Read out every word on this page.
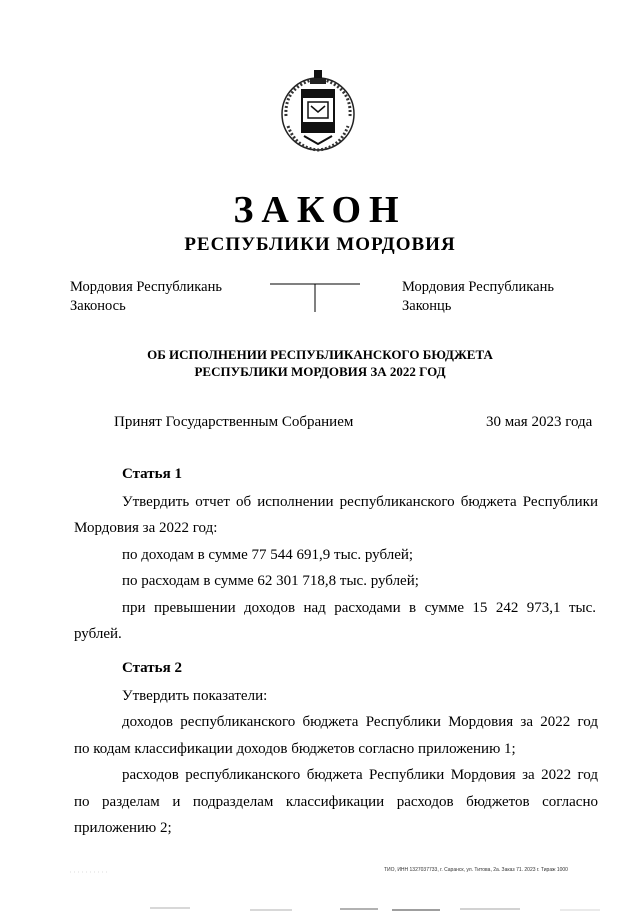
ЗАКОН
РЕСПУБЛИКИ МОРДОВИЯ
Мордовия Республикань
Законось
Мордовия Республикань
Законць
ОБ ИСПОЛНЕНИИ РЕСПУБЛИКАНСКОГО БЮДЖЕТА
РЕСПУБЛИКИ МОРДОВИЯ ЗА 2022 ГОД
Принят Государственным Собранием	30 мая 2023 года
Статья 1
Утвердить отчет об исполнении республиканского бюджета Республики
Мордовия за 2022 год:
по доходам в сумме 77 544 691,9 тыс. рублей;
по расходам в сумме 62 301 718,8 тыс. рублей;
при превышении доходов над расходами в сумме 15 242 973,1 тыс.
рублей.
Статья 2
Утвердить показатели:
доходов республиканского бюджета Республики Мордовия за 2022 год
по кодам классификации доходов бюджетов согласно приложению 1;
расходов республиканского бюджета Республики Мордовия за 2022 год
по разделам и подразделам классификации расходов бюджетов согласно
приложению 2;
ТИО, ИНН 1327037733, г. Саранск, ул. Титова, 2а. Заказ 71. 2023 г. Тираж 1000
